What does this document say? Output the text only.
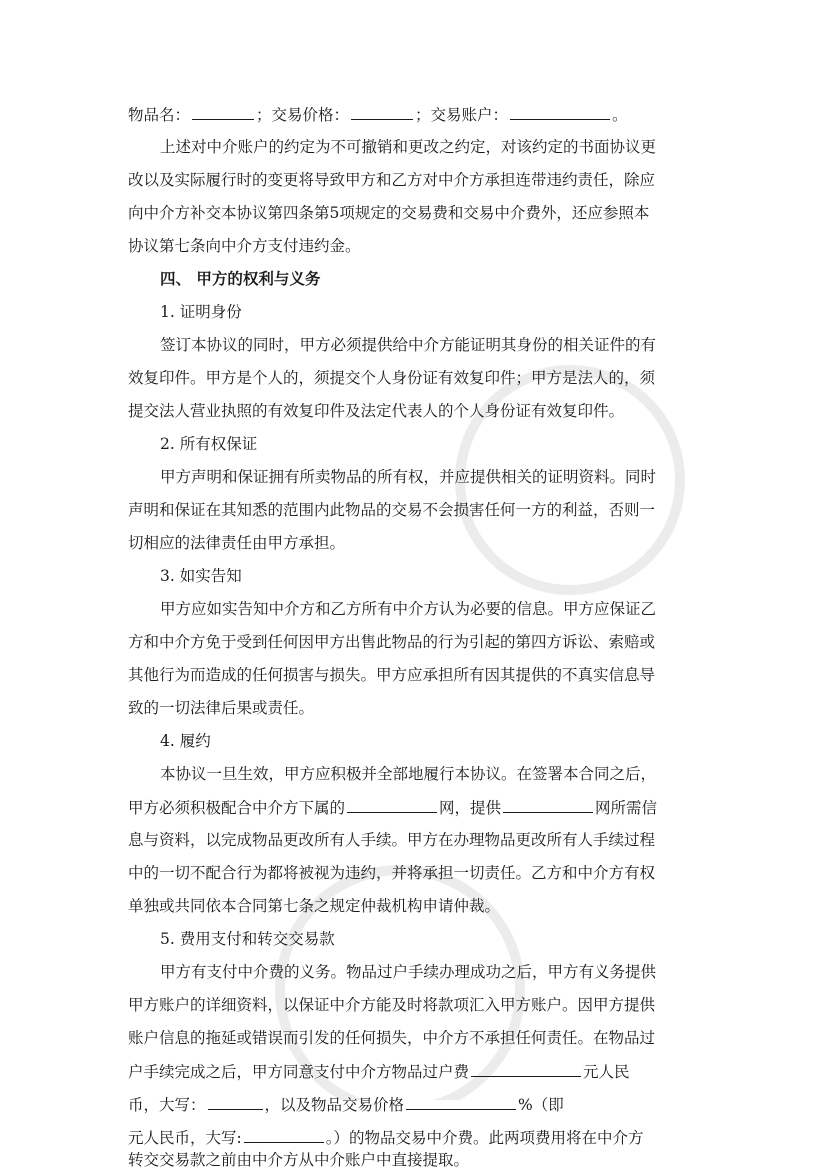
物品名：	；交易价格：	；交易账户：	。
上述对中介账户的约定为不可撤销和更改之约定，对该约定的书面协议更
改以及实际履行时的变更将导致甲方和乙方对中介方承担连带违约责任，除应
向中介方补交本协议第四条第5项规定的交易费和交易中介费外，还应参照本
协议第七条向中介方支付违约金。
四、 甲方的权利与义务
1. 证明身份
签订本协议的同时，甲方必须提供给中介方能证明其身份的相关证件的有
效复印件。甲方是个人的，须提交个人身份证有效复印件；甲方是法人的，须
提交法人营业执照的有效复印件及法定代表人的个人身份证有效复印件。
2. 所有权保证
甲方声明和保证拥有所卖物品的所有权，并应提供相关的证明资料。同时
声明和保证在其知悉的范围内此物品的交易不会损害任何一方的利益，否则一
切相应的法律责任由甲方承担。
3. 如实告知
甲方应如实告知中介方和乙方所有中介方认为必要的信息。甲方应保证乙
方和中介方免于受到任何因甲方出售此物品的行为引起的第四方诉讼、索赔或
其他行为而造成的任何损害与损失。甲方应承担所有因其提供的不真实信息导
致的一切法律后果或责任。
4. 履约
本协议一旦生效，甲方应积极并全部地履行本协议。在签署本合同之后，
甲方必须积极配合中介方下属的	网，提供	网所需信
息与资料，以完成物品更改所有人手续。甲方在办理物品更改所有人手续过程
中的一切不配合行为都将被视为违约，并将承担一切责任。乙方和中介方有权
单独或共同依本合同第七条之规定仲裁机构申请仲裁。
5. 费用支付和转交交易款
甲方有支付中介费的义务。物品过户手续办理成功之后，甲方有义务提供
甲方账户的详细资料，以保证中介方能及时将款项汇入甲方账户。因甲方提供
账户信息的拖延或错误而引发的任何损失，中介方不承担任何责任。在物品过
户手续完成之后，甲方同意支付中介方物品过户费	元人民
币，大写：	，以及物品交易价格	%（即
元人民币，大写:	。）的物品交易中介费。此两项费用将在中介方
转交交易款之前由中介方从中介账户中直接提取。
